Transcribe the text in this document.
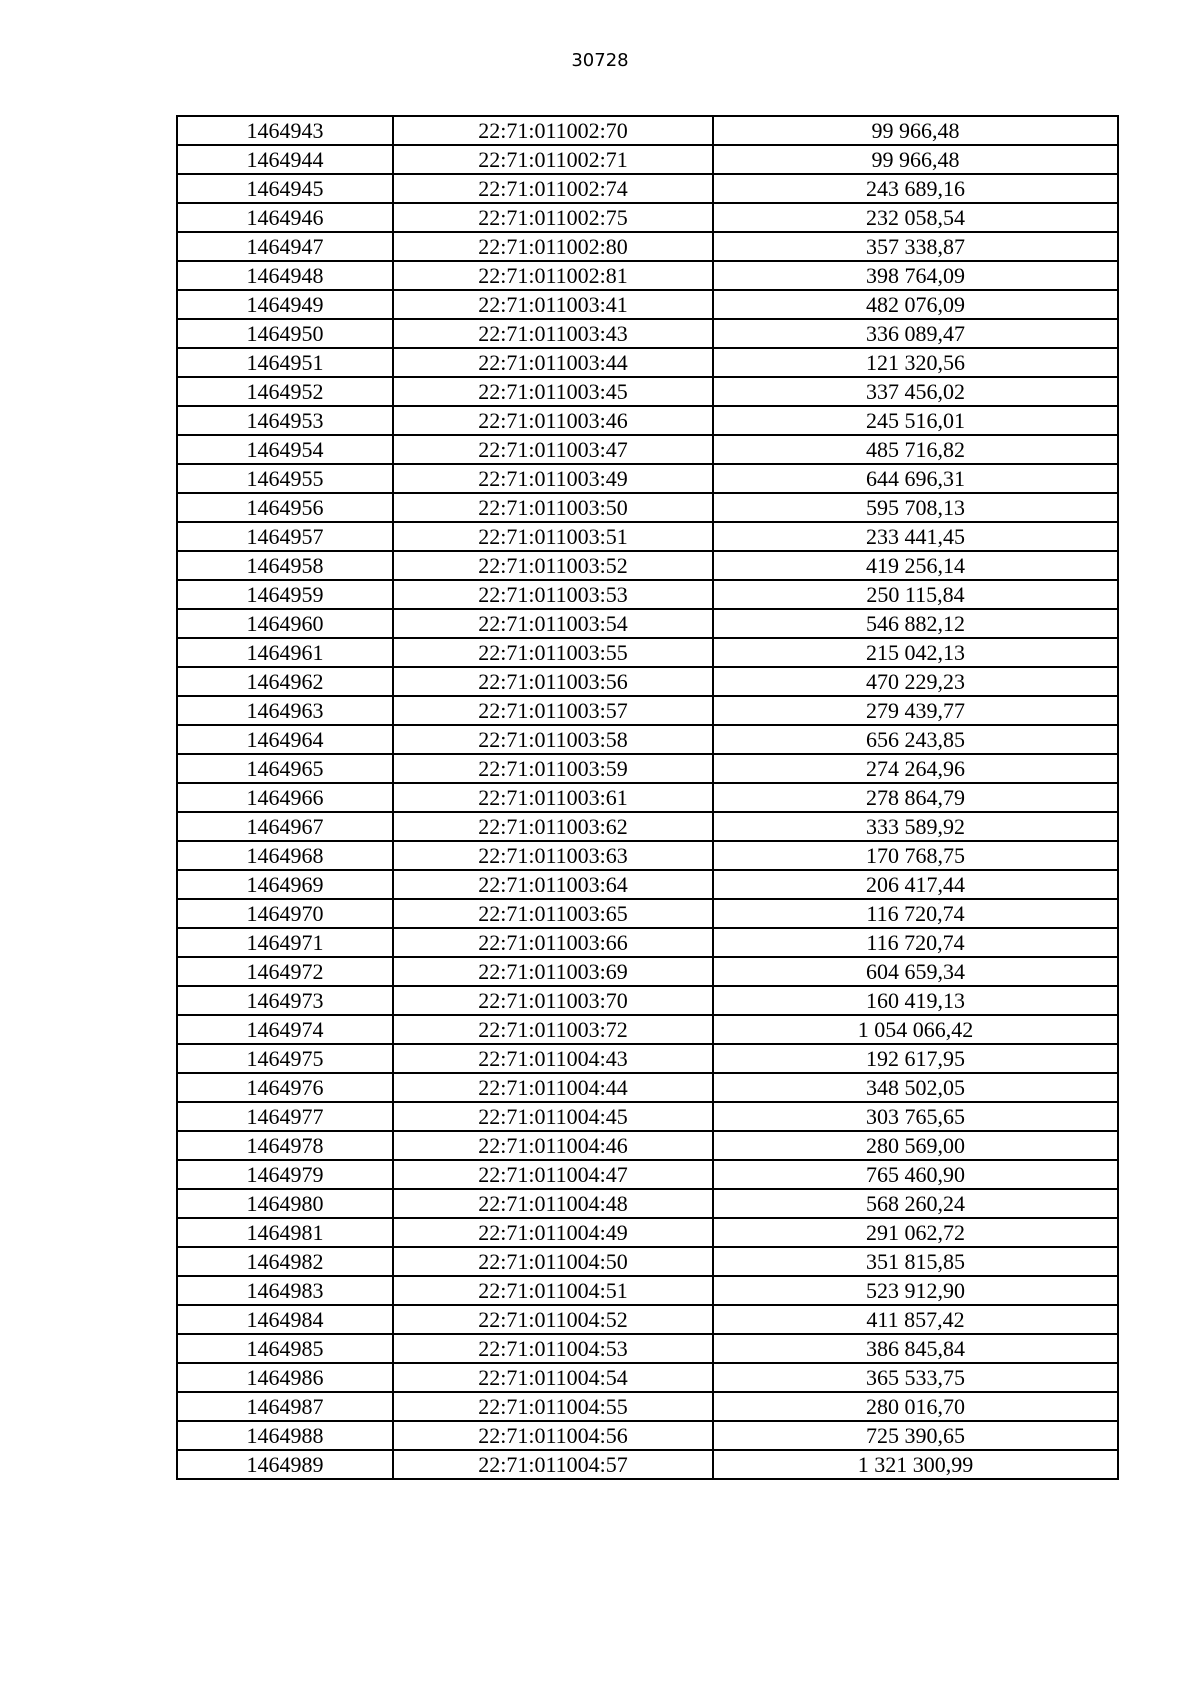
30728
1464943	22:71:011002:70	99 966,48
1464944	22:71:011002:71	99 966,48
1464945	22:71:011002:74	243 689,16
1464946	22:71:011002:75	232 058,54
1464947	22:71:011002:80	357 338,87
1464948	22:71:011002:81	398 764,09
1464949	22:71:011003:41	482 076,09
1464950	22:71:011003:43	336 089,47
1464951	22:71:011003:44	121 320,56
1464952	22:71:011003:45	337 456,02
1464953	22:71:011003:46	245 516,01
1464954	22:71:011003:47	485 716,82
1464955	22:71:011003:49	644 696,31
1464956	22:71:011003:50	595 708,13
1464957	22:71:011003:51	233 441,45
1464958	22:71:011003:52	419 256,14
1464959	22:71:011003:53	250 115,84
1464960	22:71:011003:54	546 882,12
1464961	22:71:011003:55	215 042,13
1464962	22:71:011003:56	470 229,23
1464963	22:71:011003:57	279 439,77
1464964	22:71:011003:58	656 243,85
1464965	22:71:011003:59	274 264,96
1464966	22:71:011003:61	278 864,79
1464967	22:71:011003:62	333 589,92
1464968	22:71:011003:63	170 768,75
1464969	22:71:011003:64	206 417,44
1464970	22:71:011003:65	116 720,74
1464971	22:71:011003:66	116 720,74
1464972	22:71:011003:69	604 659,34
1464973	22:71:011003:70	160 419,13
1464974	22:71:011003:72	1 054 066,42
1464975	22:71:011004:43	192 617,95
1464976	22:71:011004:44	348 502,05
1464977	22:71:011004:45	303 765,65
1464978	22:71:011004:46	280 569,00
1464979	22:71:011004:47	765 460,90
1464980	22:71:011004:48	568 260,24
1464981	22:71:011004:49	291 062,72
1464982	22:71:011004:50	351 815,85
1464983	22:71:011004:51	523 912,90
1464984	22:71:011004:52	411 857,42
1464985	22:71:011004:53	386 845,84
1464986	22:71:011004:54	365 533,75
1464987	22:71:011004:55	280 016,70
1464988	22:71:011004:56	725 390,65
1464989	22:71:011004:57	1 321 300,99
